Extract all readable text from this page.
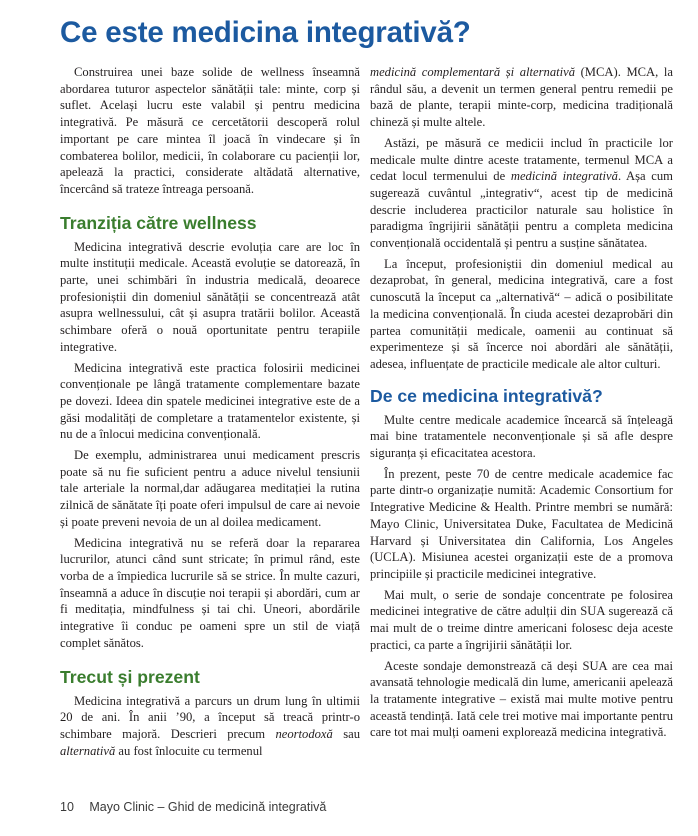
Ce este medicina integrativă?

Construirea unei baze solide de wellness înseamnă abordarea tuturor aspectelor sănătății tale: minte, corp și suflet. Același lucru este valabil și pentru medicina integrativă. Pe măsură ce cercetătorii descoperă rolul important pe care mintea îl joacă în vindecare și în combaterea bolilor, medicii, în colaborare cu pacienții lor, apelează la practici, considerate altădată alternative, încercând să trateze întreaga persoană.

Tranziția către wellness

Medicina integrativă descrie evoluția care are loc în multe instituții medicale. Această evoluție se datorează, în parte, unei schimbări în industria medicală, deoarece profesioniștii din domeniul sănătății se concentrează atât asupra wellnessului, cât și asupra tratării bolilor. Această schimbare oferă o nouă oportunitate pentru terapiile integrative.

Medicina integrativă este practica folosirii medicinei convenționale pe lângă tratamente complementare bazate pe dovezi. Ideea din spatele medicinei integrative este de a găsi modalități de completare a tratamentelor existente, și nu de a înlocui medicina convențională.

De exemplu, administrarea unui medicament prescris poate să nu fie suficient pentru a aduce nivelul tensiunii tale arteriale la normal,dar adăugarea meditației la rutina zilnică de sănătate îți poate oferi impulsul de care ai nevoie și poate preveni nevoia de un al doilea medicament.

Medicina integrativă nu se referă doar la repararea lucrurilor, atunci când sunt stricate; în primul rând, este vorba de a împiedica lucrurile să se strice. În multe cazuri, înseamnă a aduce în discuție noi terapii și abordări, cum ar fi meditația, mindfulness și tai chi. Uneori, abordările integrative îi conduc pe oameni spre un stil de viață complet sănătos.

Trecut și prezent

Medicina integrativă a parcurs un drum lung în ultimii 20 de ani. În anii ’90, a început să treacă printr-o schimbare majoră. Descrieri precum neortodoxă sau alternativă au fost înlocuite cu termenul

medicină complementară și alternativă (MCA). MCA, la rândul său, a devenit un termen general pentru remedii pe bază de plante, terapii minte-corp, medicina tradițională chineză și multe altele.

Astăzi, pe măsură ce medicii includ în practicile lor medicale multe dintre aceste tratamente, termenul MCA a cedat locul termenului de medicină integrativă. Așa cum sugerează cuvântul „integrativ“, acest tip de medicină descrie includerea practicilor naturale sau holistice în paradigma îngrijirii sănătății pentru a completa medicina convențională occidentală și pentru a susține sănătatea.

La început, profesioniștii din domeniul medical au dezaprobat, în general, medicina integrativă, care a fost cunoscută la început ca „alternativă“ – adică o posibilitate la medicina convențională. În ciuda acestei dezaprobări din partea comunității medicale, oamenii au continuat să experimenteze și să încerce noi abordări ale sănătății, adesea, influențate de practicile medicale ale altor culturi.

De ce medicina integrativă?

Multe centre medicale academice încearcă să înțeleagă mai bine tratamentele neconvenționale și să afle despre siguranța și eficacitatea acestora.

În prezent, peste 70 de centre medicale academice fac parte dintr-o organizație numită: Academic Consortium for Integrative Medicine & Health. Printre membri se numără: Mayo Clinic, Universitatea Duke, Facultatea de Medicină Harvard și Universitatea din California, Los Angeles (UCLA). Misiunea acestei organizații este de a promova principiile și practicile medicinei integrative.

Mai mult, o serie de sondaje concentrate pe folosirea medicinei integrative de către adulții din SUA sugerează că mai mult de o treime dintre americani folosesc deja aceste practici, ca parte a îngrijirii sănătății lor.

Aceste sondaje demonstrează că deși SUA are cea mai avansată tehnologie medicală din lume, americanii apelează la tratamente integrative – există mai multe motive pentru această tendință. Iată cele trei motive mai importante pentru care tot mai mulți oameni explorează medicina integrativă.

10 Mayo Clinic – Ghid de medicină integrativă
